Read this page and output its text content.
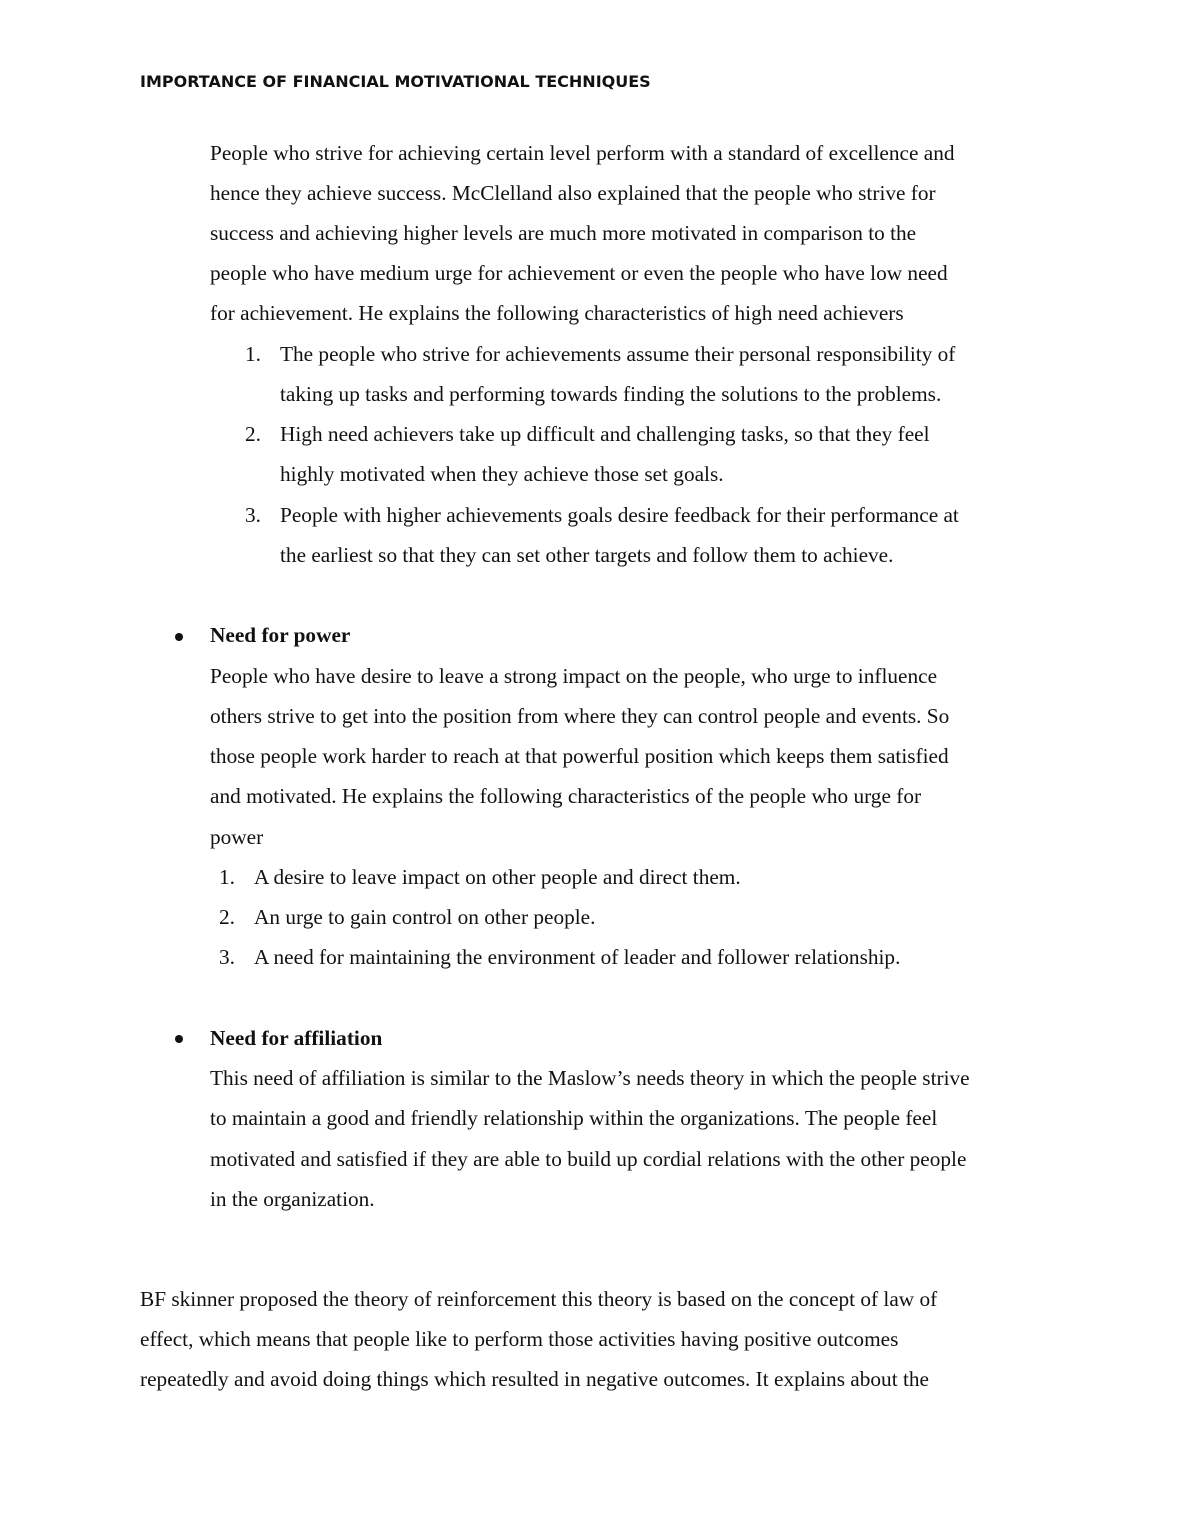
IMPORTANCE OF FINANCIAL MOTIVATIONAL TECHNIQUES
People who strive for achieving certain level perform with a standard of excellence and
hence they achieve success. McClelland also explained that the people who strive for
success and achieving higher levels are much more motivated in comparison to the
people who have medium urge for achievement or even the people who have low need
for achievement. He explains the following characteristics of high need achievers
1. The people who strive for achievements assume their personal responsibility of
taking up tasks and performing towards finding the solutions to the problems.
2. High need achievers take up difficult and challenging tasks, so that they feel
highly motivated when they achieve those set goals.
3. People with higher achievements goals desire feedback for their performance at
the earliest so that they can set other targets and follow them to achieve.
Need for power
People who have desire to leave a strong impact on the people, who urge to influence
others strive to get into the position from where they can control people and events. So
those people work harder to reach at that powerful position which keeps them satisfied
and motivated. He explains the following characteristics of the people who urge for
power
1. A desire to leave impact on other people and direct them.
2. An urge to gain control on other people.
3. A need for maintaining the environment of leader and follower relationship.
Need for affiliation
This need of affiliation is similar to the Maslow’s needs theory in which the people strive
to maintain a good and friendly relationship within the organizations. The people feel
motivated and satisfied if they are able to build up cordial relations with the other people
in the organization.
BF skinner proposed the theory of reinforcement this theory is based on the concept of law of
effect, which means that people like to perform those activities having positive outcomes
repeatedly and avoid doing things which resulted in negative outcomes. It explains about the
